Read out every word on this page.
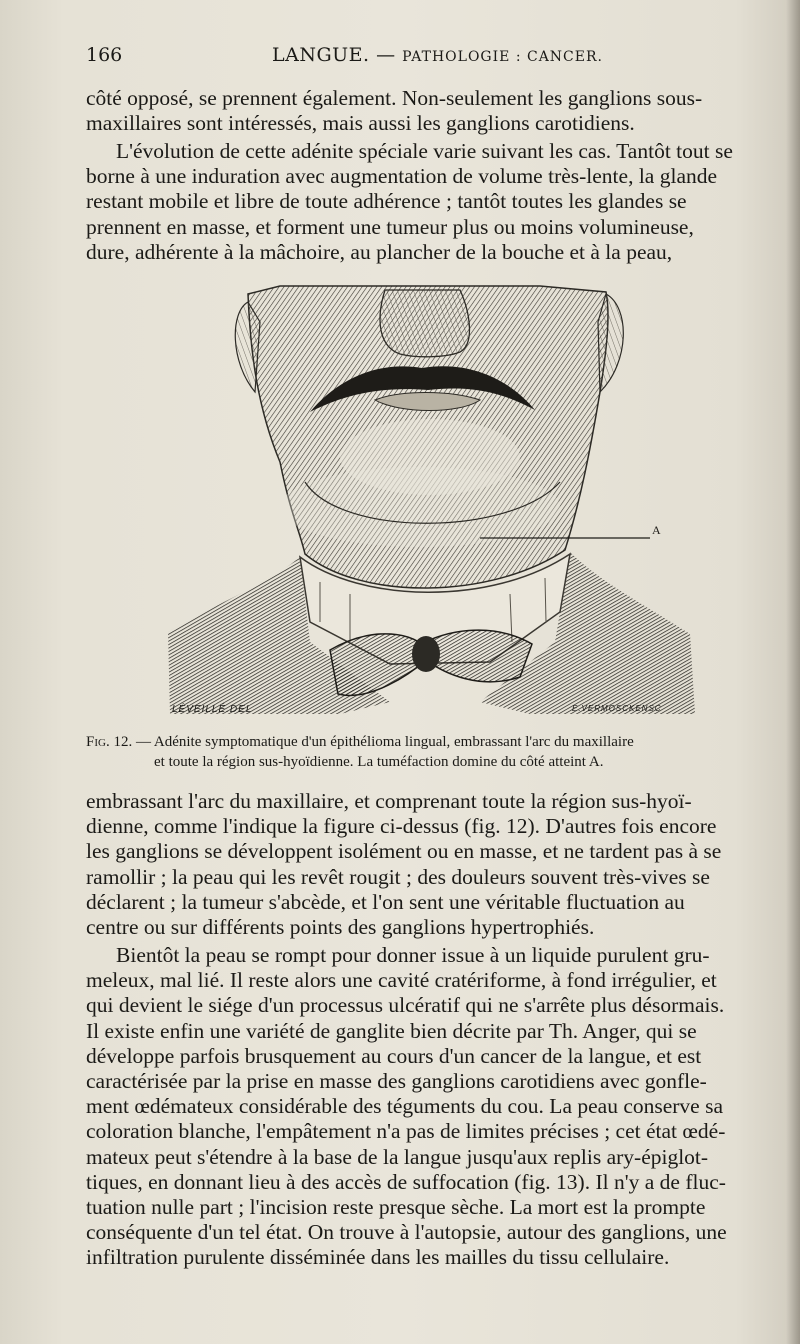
166	LANGUE. — PATHOLOGIE : CANCER.
côté opposé, se prennent également. Non-seulement les ganglions sous-
maxillaires sont intéressés, mais aussi les ganglions carotidiens.
L'évolution de cette adénite spéciale varie suivant les cas. Tantôt tout se
borne à une induration avec augmentation de volume très-lente, la glande
restant mobile et libre de toute adhérence ; tantôt toutes les glandes se
prennent en masse, et forment une tumeur plus ou moins volumineuse,
dure, adhérente à la mâchoire, au plancher de la bouche et à la peau,
A
LÉVEILLÉ.DEL	E.VERMOSCKENSC
Fig. 12. — Adénite symptomatique d'un épithélioma lingual, embrassant l'arc du maxillaire
et toute la région sus-hyoïdienne. La tuméfaction domine du côté atteint A.
embrassant l'arc du maxillaire, et comprenant toute la région sus-hyoï-
dienne, comme l'indique la figure ci-dessus (fig. 12). D'autres fois encore
les ganglions se développent isolément ou en masse, et ne tardent pas à se
ramollir ; la peau qui les revêt rougit ; des douleurs souvent très-vives se
déclarent ; la tumeur s'abcède, et l'on sent une véritable fluctuation au
centre ou sur différents points des ganglions hypertrophiés.
Bientôt la peau se rompt pour donner issue à un liquide purulent gru-
meleux, mal lié. Il reste alors une cavité cratériforme, à fond irrégulier, et
qui devient le siége d'un processus ulcératif qui ne s'arrête plus désormais.
Il existe enfin une variété de ganglite bien décrite par Th. Anger, qui se
développe parfois brusquement au cours d'un cancer de la langue, et est
caractérisée par la prise en masse des ganglions carotidiens avec gonfle-
ment œdémateux considérable des téguments du cou. La peau conserve sa
coloration blanche, l'empâtement n'a pas de limites précises ; cet état œdé-
mateux peut s'étendre à la base de la langue jusqu'aux replis ary-épiglot-
tiques, en donnant lieu à des accès de suffocation (fig. 13). Il n'y a de fluc-
tuation nulle part ; l'incision reste presque sèche. La mort est la prompte
conséquente d'un tel état. On trouve à l'autopsie, autour des ganglions, une
infiltration purulente disséminée dans les mailles du tissu cellulaire.
